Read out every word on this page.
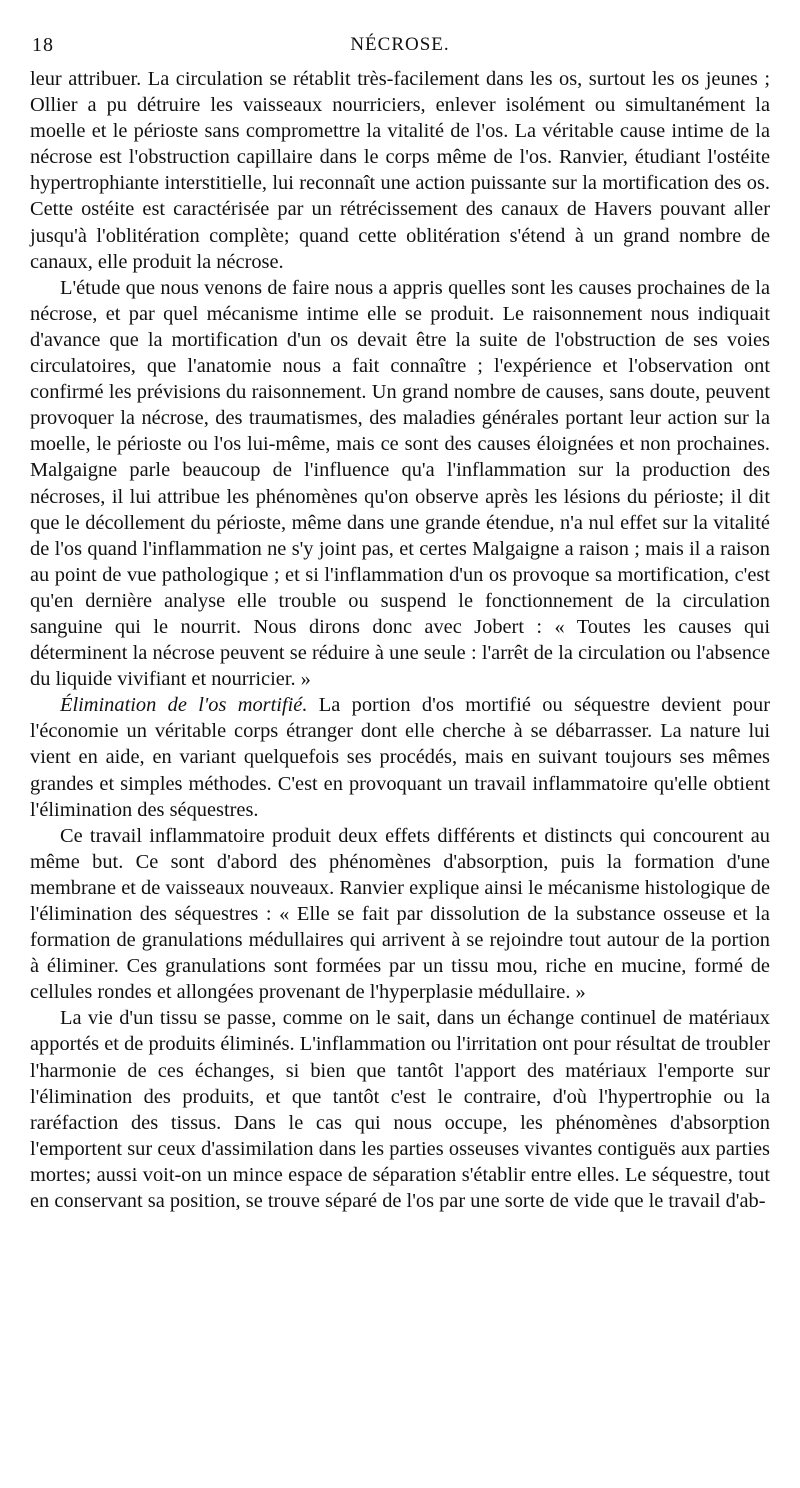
18	NÉCROSE.

leur attribuer. La circulation se rétablit très-facilement dans les os, surtout les os jeunes ; Ollier a pu détruire les vaisseaux nourriciers, enlever isolément ou simultanément la moelle et le périoste sans compromettre la vitalité de l'os. La véritable cause intime de la nécrose est l'obstruction capillaire dans le corps même de l'os. Ranvier, étudiant l'ostéite hypertrophiante interstitielle, lui reconnaît une action puissante sur la mortification des os. Cette ostéite est caractérisée par un rétrécissement des canaux de Havers pouvant aller jusqu'à l'oblitération complète; quand cette oblitération s'étend à un grand nombre de canaux, elle produit la nécrose.

L'étude que nous venons de faire nous a appris quelles sont les causes prochaines de la nécrose, et par quel mécanisme intime elle se produit. Le raisonnement nous indiquait d'avance que la mortification d'un os devait être la suite de l'obstruction de ses voies circulatoires, que l'anatomie nous a fait connaître ; l'expérience et l'observation ont confirmé les prévisions du raisonnement. Un grand nombre de causes, sans doute, peuvent provoquer la nécrose, des traumatismes, des maladies générales portant leur action sur la moelle, le périoste ou l'os lui-même, mais ce sont des causes éloignées et non prochaines. Malgaigne parle beaucoup de l'influence qu'a l'inflammation sur la production des nécroses, il lui attribue les phénomènes qu'on observe après les lésions du périoste; il dit que le décollement du périoste, même dans une grande étendue, n'a nul effet sur la vitalité de l'os quand l'inflammation ne s'y joint pas, et certes Malgaigne a raison ; mais il a raison au point de vue pathologique ; et si l'inflammation d'un os provoque sa mortification, c'est qu'en dernière analyse elle trouble ou suspend le fonctionnement de la circulation sanguine qui le nourrit. Nous dirons donc avec Jobert : « Toutes les causes qui déterminent la nécrose peuvent se réduire à une seule : l'arrêt de la circulation ou l'absence du liquide vivifiant et nourricier. »

Élimination de l'os mortifié. La portion d'os mortifié ou séquestre devient pour l'économie un véritable corps étranger dont elle cherche à se débarrasser. La nature lui vient en aide, en variant quelquefois ses procédés, mais en suivant toujours ses mêmes grandes et simples méthodes. C'est en provoquant un travail inflammatoire qu'elle obtient l'élimination des séquestres.

Ce travail inflammatoire produit deux effets différents et distincts qui concourent au même but. Ce sont d'abord des phénomènes d'absorption, puis la formation d'une membrane et de vaisseaux nouveaux. Ranvier explique ainsi le mécanisme histologique de l'élimination des séquestres : « Elle se fait par dissolution de la substance osseuse et la formation de granulations médullaires qui arrivent à se rejoindre tout autour de la portion à éliminer. Ces granulations sont formées par un tissu mou, riche en mucine, formé de cellules rondes et allongées provenant de l'hyperplasie médullaire. »

La vie d'un tissu se passe, comme on le sait, dans un échange continuel de matériaux apportés et de produits éliminés. L'inflammation ou l'irritation ont pour résultat de troubler l'harmonie de ces échanges, si bien que tantôt l'apport des matériaux l'emporte sur l'élimination des produits, et que tantôt c'est le contraire, d'où l'hypertrophie ou la raréfaction des tissus. Dans le cas qui nous occupe, les phénomènes d'absorption l'emportent sur ceux d'assimilation dans les parties osseuses vivantes contiguës aux parties mortes; aussi voit-on un mince espace de séparation s'établir entre elles. Le séquestre, tout en conservant sa position, se trouve séparé de l'os par une sorte de vide que le travail d'ab-
